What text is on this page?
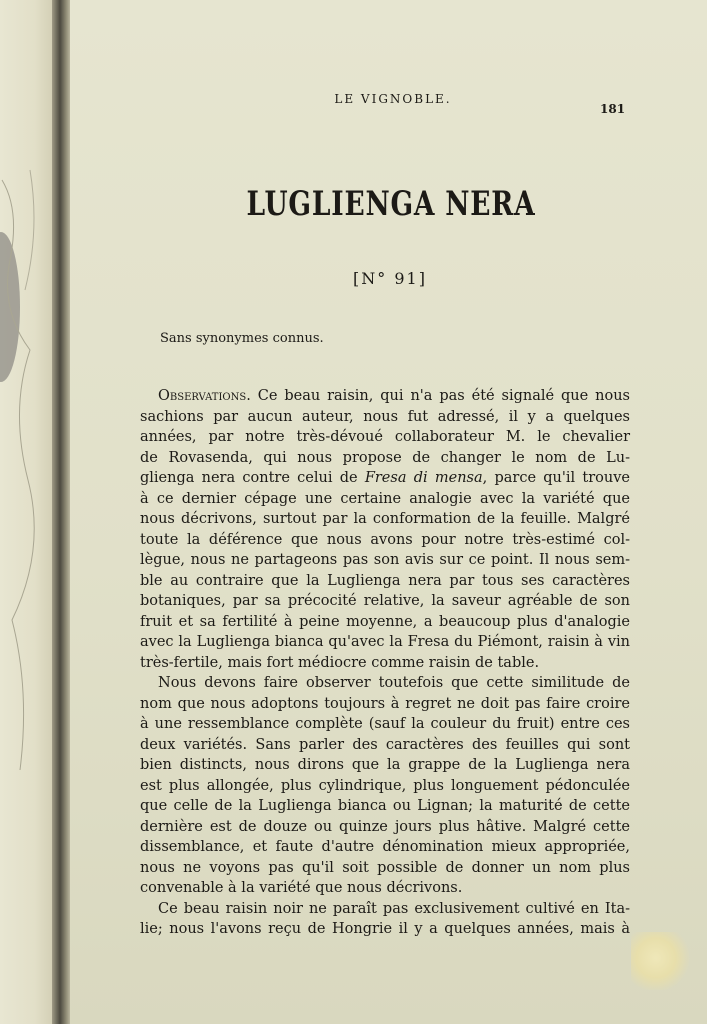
LE VIGNOBLE.
181
LUGLIENGA NERA
[N° 91]
Sans synonymes connus.
Observations. Ce beau raisin, qui n'a pas été signalé que nous
sachions par aucun auteur, nous fut adressé, il y a quelques
années, par notre très-dévoué collaborateur M. le chevalier
de Rovasenda, qui nous propose de changer le nom de Lu-
glienga nera contre celui de Fresa di mensa, parce qu'il trouve
à ce dernier cépage une certaine analogie avec la variété que
nous décrivons, surtout par la conformation de la feuille. Malgré
toute la déférence que nous avons pour notre très-estimé col-
lègue, nous ne partageons pas son avis sur ce point. Il nous sem-
ble au contraire que la Luglienga nera par tous ses caractères
botaniques, par sa précocité relative, la saveur agréable de son
fruit et sa fertilité à peine moyenne, a beaucoup plus d'analogie
avec la Luglienga bianca qu'avec la Fresa du Piémont, raisin à vin
très-fertile, mais fort médiocre comme raisin de table.
Nous devons faire observer toutefois que cette similitude de
nom que nous adoptons toujours à regret ne doit pas faire croire
à une ressemblance complète (sauf la couleur du fruit) entre ces
deux variétés. Sans parler des caractères des feuilles qui sont
bien distincts, nous dirons que la grappe de la Luglienga nera
est plus allongée, plus cylindrique, plus longuement pédonculée
que celle de la Luglienga bianca ou Lignan; la maturité de cette
dernière est de douze ou quinze jours plus hâtive. Malgré cette
dissemblance, et faute d'autre dénomination mieux appropriée,
nous ne voyons pas qu'il soit possible de donner un nom plus
convenable à la variété que nous décrivons.
Ce beau raisin noir ne paraît pas exclusivement cultivé en Ita-
lie; nous l'avons reçu de Hongrie il y a quelques années, mais à
